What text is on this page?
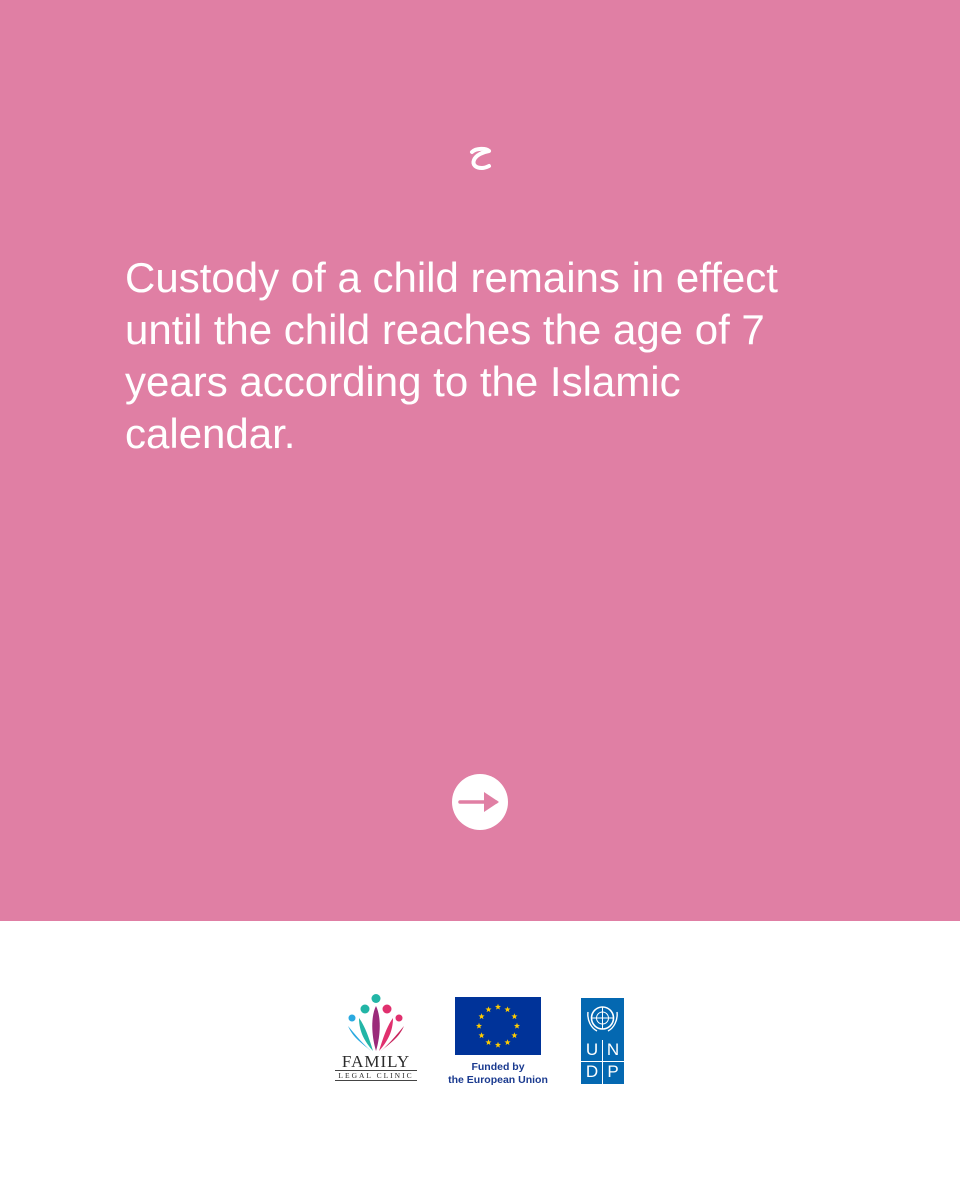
Custody of a child remains in effect until the child reaches the age of 7 years according to the Islamic calendar.

FAMILY
LEGAL CLINIC
Funded by
the European Union
U N
D P
